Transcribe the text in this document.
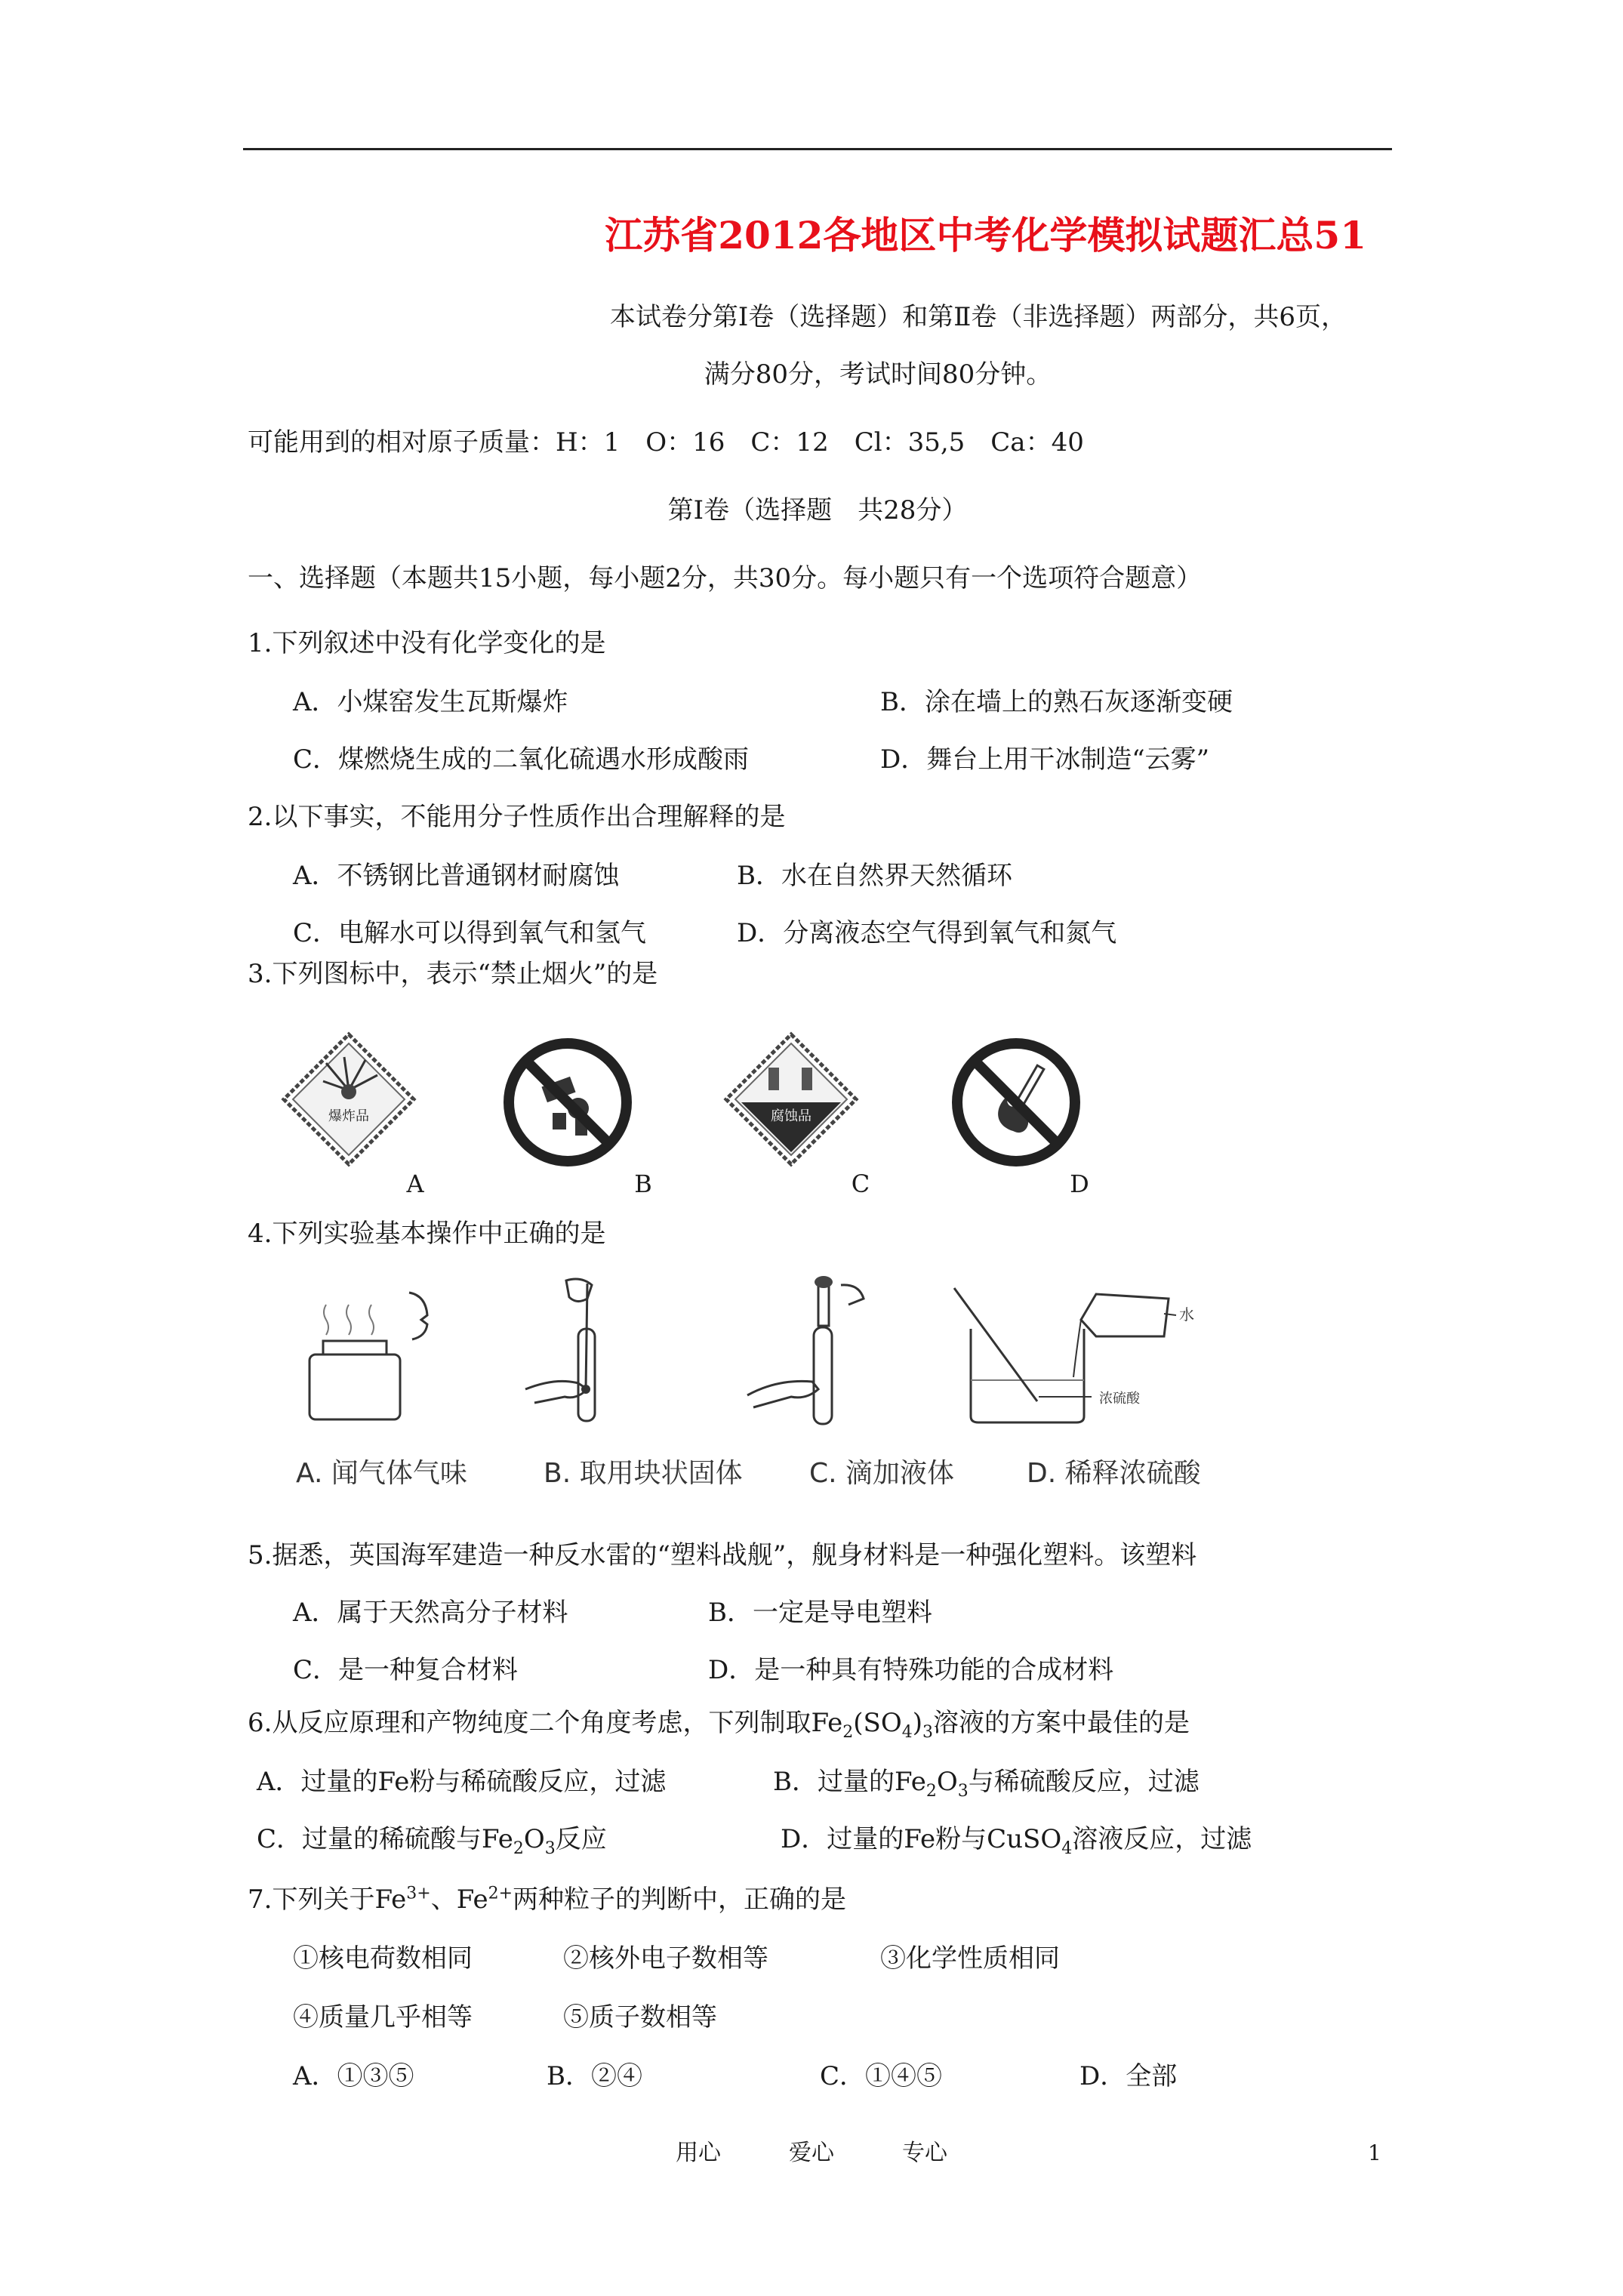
江苏省2012各地区中考化学模拟试题汇总51
本试卷分第Ⅰ卷（选择题）和第Ⅱ卷（非选择题）两部分，共6页，
满分80分，考试时间80分钟。
可能用到的相对原子质量：H：1　O：16　C：12　Cl：35,5　Ca：40
第Ⅰ卷（选择题　共28分）
一、选择题（本题共15小题，每小题2分，共30分。每小题只有一个选项符合题意）
1.下列叙述中没有化学变化的是
A．小煤窑发生瓦斯爆炸	B．涂在墙上的熟石灰逐渐变硬
C．煤燃烧生成的二氧化硫遇水形成酸雨	D．舞台上用干冰制造“云雾”
2.以下事实，不能用分子性质作出合理解释的是
A．不锈钢比普通钢材耐腐蚀	B．水在自然界天然循环
C．电解水可以得到氧气和氢气	D．分离液态空气得到氧气和氮气
3.下列图标中，表示“禁止烟火”的是
爆炸品	腐蚀品
A	B	C	D
4.下列实验基本操作中正确的是
水
浓硫酸
A. 闻气体气味	B. 取用块状固体 C. 滴加液体	D. 稀释浓硫酸
5.据悉，英国海军建造一种反水雷的“塑料战舰”，舰身材料是一种强化塑料。该塑料
A．属于天然高分子材料	B．一定是导电塑料
C．是一种复合材料	D．是一种具有特殊功能的合成材料
6.从反应原理和产物纯度二个角度考虑，下列制取$Fe_2(SO_4)_3$溶液的方案中最佳的是
A．过量的Fe粉与稀硫酸反应，过滤	B．过量的$Fe_2O_3$与稀硫酸反应，过滤
C．过量的稀硫酸与$Fe_2O_3$反应	D．过量的Fe粉与CuSO$_4$溶液反应，过滤
7.下列关于$Fe^{3+}$、$Fe^{2+}$两种粒子的判断中，正确的是
①核电荷数相同	②核外电子数相等	③化学性质相同
④质量几乎相等	⑤质子数相等
A．①③⑤	B．②④	C．①④⑤	D．全部
用心　　　爱心　　　专心	1
